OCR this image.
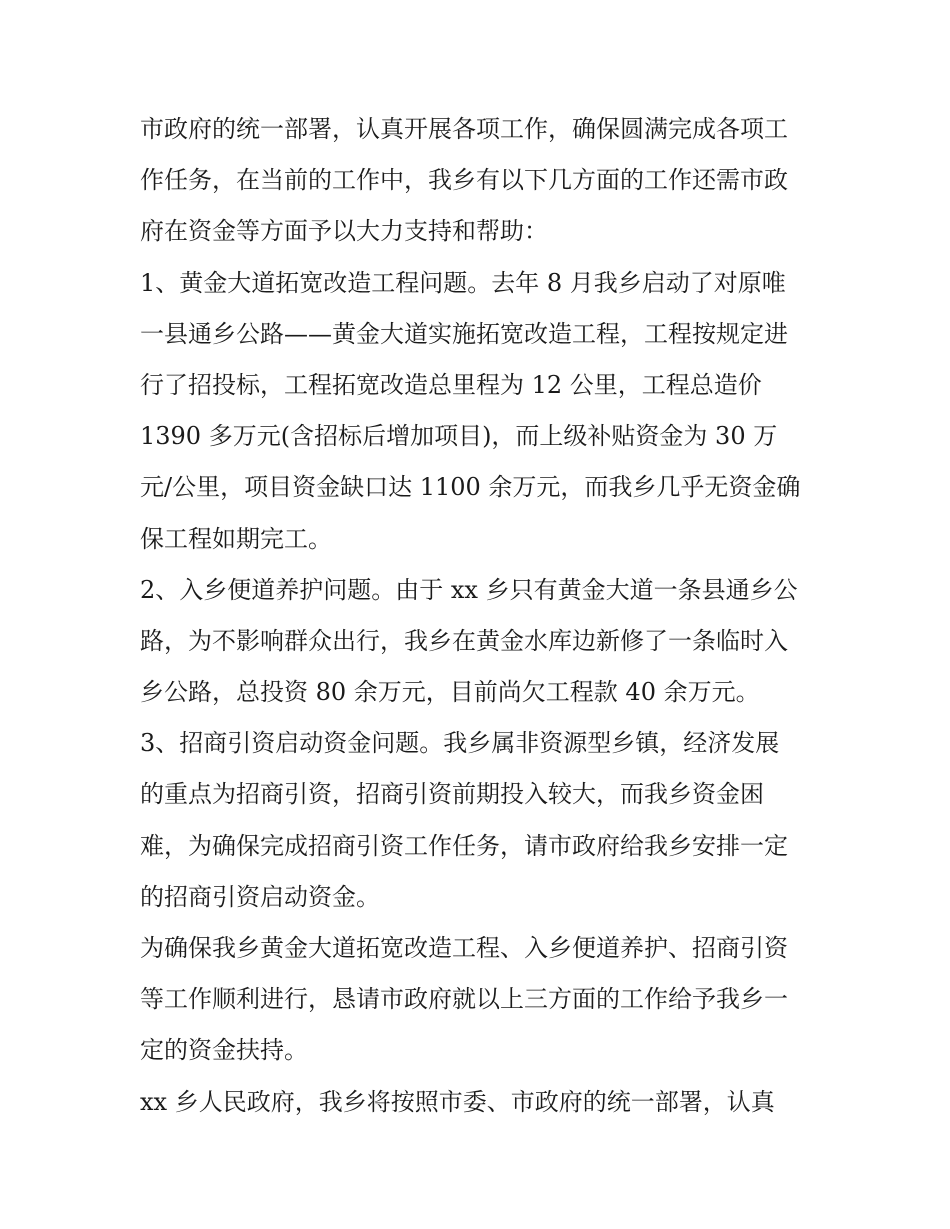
市政府的统一部署，认真开展各项工作，确保圆满完成各项工
作任务，在当前的工作中，我乡有以下几方面的工作还需市政
府在资金等方面予以大力支持和帮助：
1、黄金大道拓宽改造工程问题。去年 8 月我乡启动了对原唯
一县通乡公路——黄金大道实施拓宽改造工程，工程按规定进
行了招投标，工程拓宽改造总里程为 12 公里，工程总造价
1390 多万元(含招标后增加项目)，而上级补贴资金为 30 万
元/公里，项目资金缺口达 1100 余万元，而我乡几乎无资金确
保工程如期完工。
2、入乡便道养护问题。由于 xx 乡只有黄金大道一条县通乡公
路，为不影响群众出行，我乡在黄金水库边新修了一条临时入
乡公路，总投资 80 余万元，目前尚欠工程款 40 余万元。
3、招商引资启动资金问题。我乡属非资源型乡镇，经济发展
的重点为招商引资，招商引资前期投入较大，而我乡资金困
难，为确保完成招商引资工作任务，请市政府给我乡安排一定
的招商引资启动资金。
为确保我乡黄金大道拓宽改造工程、入乡便道养护、招商引资
等工作顺利进行，恳请市政府就以上三方面的工作给予我乡一
定的资金扶持。
xx 乡人民政府，我乡将按照市委、市政府的统一部署，认真
